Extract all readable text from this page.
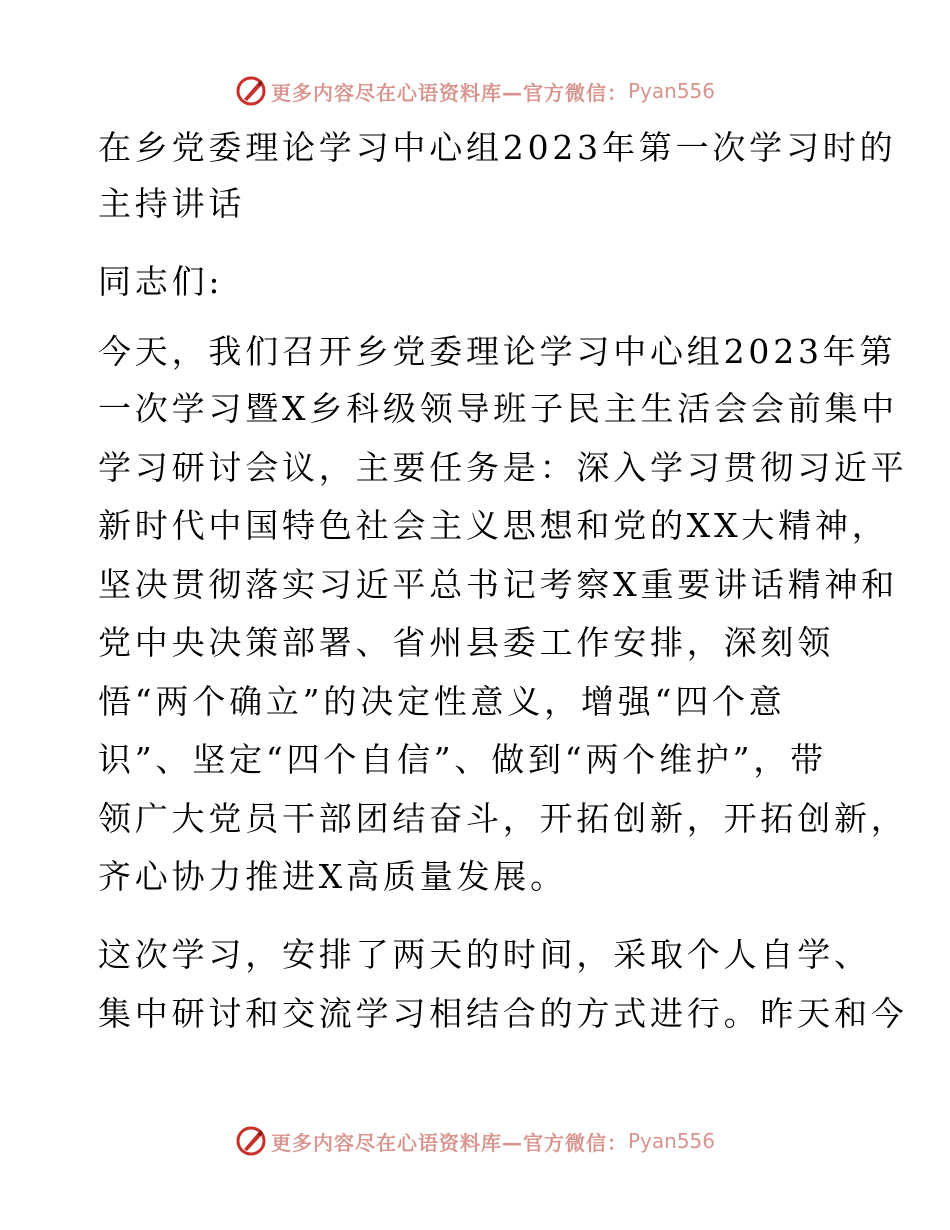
更多内容尽在心语资料库—官方微信： Pyan556
在乡党委理论学习中心组2023年第一次学习时的
主持讲话
同志们:
今天，我们召开乡党委理论学习中心组2023年第
一次学习暨X乡科级领导班子民主生活会会前集中
学习研讨会议，主要任务是：深入学习贯彻习近平
新时代中国特色社会主义思想和党的XX大精神，
坚决贯彻落实习近平总书记考察X重要讲话精神和
党中央决策部署、省州县委工作安排，深刻领
悟“两个确立”的决定性意义，增强“四个意
识”、坚定“四个自信”、做到“两个维护”，带
领广大党员干部团结奋斗，开拓创新，开拓创新，
齐心协力推进X高质量发展。
这次学习，安排了两天的时间，采取个人自学、
集中研讨和交流学习相结合的方式进行。昨天和今
更多内容尽在心语资料库—官方微信： Pyan556
